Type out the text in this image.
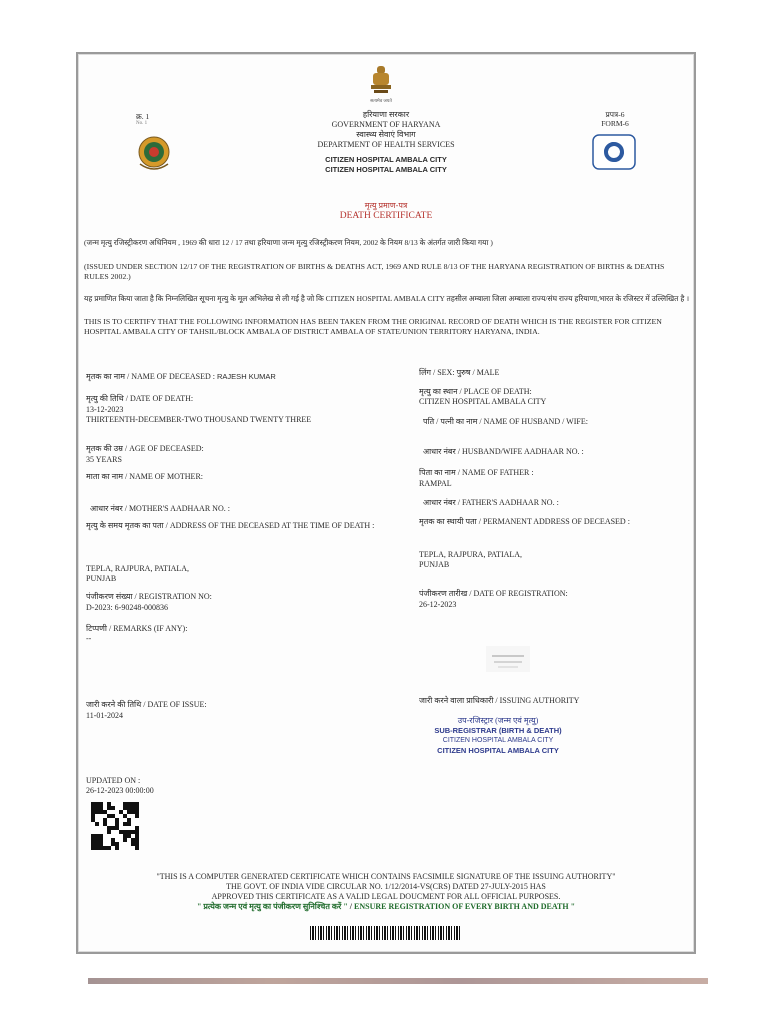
क्र. 1
No. 1
सत्यमेव जयते
हरियाणा सरकार
GOVERNMENT OF HARYANA
स्वास्थ्य सेवाएं विभाग
DEPARTMENT OF HEALTH SERVICES
CITIZEN HOSPITAL AMBALA CITY
CITIZEN HOSPITAL AMBALA CITY
प्रपत्र-6
FORM-6
मृत्यु प्रमाण-पत्र
DEATH CERTIFICATE
(जन्म मृत्यु रजिस्ट्रीकरण अधिनियम , 1969 की धारा 12 / 17 तथा हरियाणा जन्म मृत्यु रजिस्ट्रीकरण नियम, 2002 के नियम 8/13 के अंतर्गत जारी किया गया )
(ISSUED UNDER SECTION 12/17 OF THE REGISTRATION OF BIRTHS & DEATHS ACT, 1969 AND RULE 8/13 OF THE HARYANA REGISTRATION OF BIRTHS & DEATHS RULES 2002.)
यह प्रमाणित किया जाता है कि निम्नलिखित सूचना मृत्यु के मूल अभिलेख से ली गई है जो कि CITIZEN HOSPITAL AMBALA CITY तहसील अम्बाला जिला अम्बाला राज्य/संघ राज्य हरियाणा,भारत के रजिस्टर में उल्लिखित है ।
THIS IS TO CERTIFY THAT THE FOLLOWING INFORMATION HAS BEEN TAKEN FROM THE ORIGINAL RECORD OF DEATH WHICH IS THE REGISTER FOR CITIZEN HOSPITAL AMBALA CITY OF TAHSIL/BLOCK AMBALA OF DISTRICT AMBALA OF STATE/UNION TERRITORY HARYANA, INDIA.
मृतक का नाम / NAME OF DECEASED : RAJESH KUMAR
मृत्यु की तिथि / DATE OF DEATH:
13-12-2023
THIRTEENTH-DECEMBER-TWO THOUSAND TWENTY THREE
मृतक की उम्र / AGE OF DECEASED:
35 YEARS
माता का नाम / NAME OF MOTHER:
आधार नंबर / MOTHER'S AADHAAR NO. :
मृत्यु के समय मृतक का पता / ADDRESS OF THE DECEASED AT THE TIME OF DEATH :
TEPLA, RAJPURA, PATIALA,
PUNJAB
पंजीकरण संख्या / REGISTRATION NO:
D-2023: 6-90248-000836
टिप्पणी / REMARKS (IF ANY):
--
जारी करने की तिथि / DATE OF ISSUE:
11-01-2024
लिंग / SEX: पुरुष / MALE
मृत्यु का स्थान / PLACE OF DEATH:
CITIZEN HOSPITAL AMBALA CITY
पति / पत्नी का नाम / NAME OF HUSBAND / WIFE:
आधार नंबर / HUSBAND/WIFE AADHAAR NO. :
पिता का नाम / NAME OF FATHER :
RAMPAL
आधार नंबर / FATHER'S AADHAAR NO. :
मृतक का स्थायी पता / PERMANENT ADDRESS OF DECEASED :
TEPLA, RAJPURA, PATIALA,
PUNJAB
पंजीकरण तारीख / DATE OF REGISTRATION:
26-12-2023
जारी करने वाला प्राधिकारी / ISSUING AUTHORITY
उप-रजिस्ट्रार (जन्म एवं मृत्यु)
SUB-REGISTRAR (BIRTH & DEATH)
CITIZEN HOSPITAL AMBALA CITY
CITIZEN HOSPITAL AMBALA CITY
UPDATED ON :
26-12-2023 00:00:00
"THIS IS A COMPUTER GENERATED CERTIFICATE WHICH CONTAINS FACSIMILE SIGNATURE OF THE ISSUING AUTHORITY"
THE GOVT. OF INDIA VIDE CIRCULAR NO. 1/12/2014-VS(CRS) DATED 27-JULY-2015 HAS
APPROVED THIS CERTIFICATE AS A VALID LEGAL DOUCMENT FOR ALL OFFICIAL PURPOSES.
" प्रत्येक जन्म एवं मृत्यु का पंजीकरण सुनिश्चित करें " / ENSURE REGISTRATION OF EVERY BIRTH AND DEATH "
